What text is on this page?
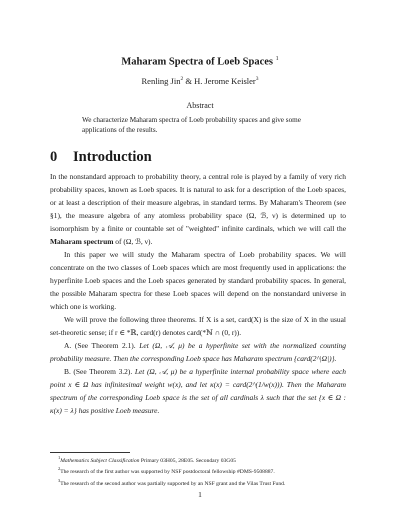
Maharam Spectra of Loeb Spaces $^1$
Renling Jin$^2$ & H. Jerome Keisler$^3$
Abstract
We characterize Maharam spectra of Loeb probability spaces and give some applications of the results.
0 Introduction

In the nonstandard approach to probability theory, a central role is played by a family of very rich probability spaces, known as Loeb spaces. It is natural to ask for a description of the Loeb spaces, or at least a description of their measure algebras, in standard terms. By Maharam's Theorem (see §1), the measure algebra of any atomless probability space (Ω, ℬ, ν) is determined up to isomorphism by a finite or countable set of "weighted" infinite cardinals, which we will call the Maharam spectrum of (Ω, ℬ, ν).

In this paper we will study the Maharam spectra of Loeb probability spaces. We will concentrate on the two classes of Loeb spaces which are most frequently used in applications: the hyperfinite Loeb spaces and the Loeb spaces generated by standard probability spaces. In general, the possible Maharam spectra for these Loeb spaces will depend on the nonstandard universe in which one is working.

We will prove the following three theorems. If X is a set, card(X) is the size of X in the usual set-theoretic sense; if r ∈ *ℝ, card(r) denotes card(*ℕ ∩ (0, r)).

A. (See Theorem 2.1). Let (Ω, 𝒜, μ) be a hyperfinite set with the normalized counting probability measure. Then the corresponding Loeb space has Maharam spectrum {card(2^|Ω|)}.

B. (See Theorem 3.2). Let (Ω, 𝒜, μ) be a hyperfinite internal probability space where each point x ∈ Ω has infinitesimal weight w(x), and let κ(x) = card(2^(1/w(x))). Then the Maharam spectrum of the corresponding Loeb space is the set of all cardinals λ such that the set {x ∈ Ω : κ(x) = λ} has positive Loeb measure.

$^1$Mathematics Subject Classification Primary 03H05, 28E05. Secondary 03G05
$^2$The research of the first author was supported by NSF postdoctoral fellowship #DMS-9508887.
$^3$The research of the second author was partially supported by an NSF grant and the Vilas Trust Fund.
1
